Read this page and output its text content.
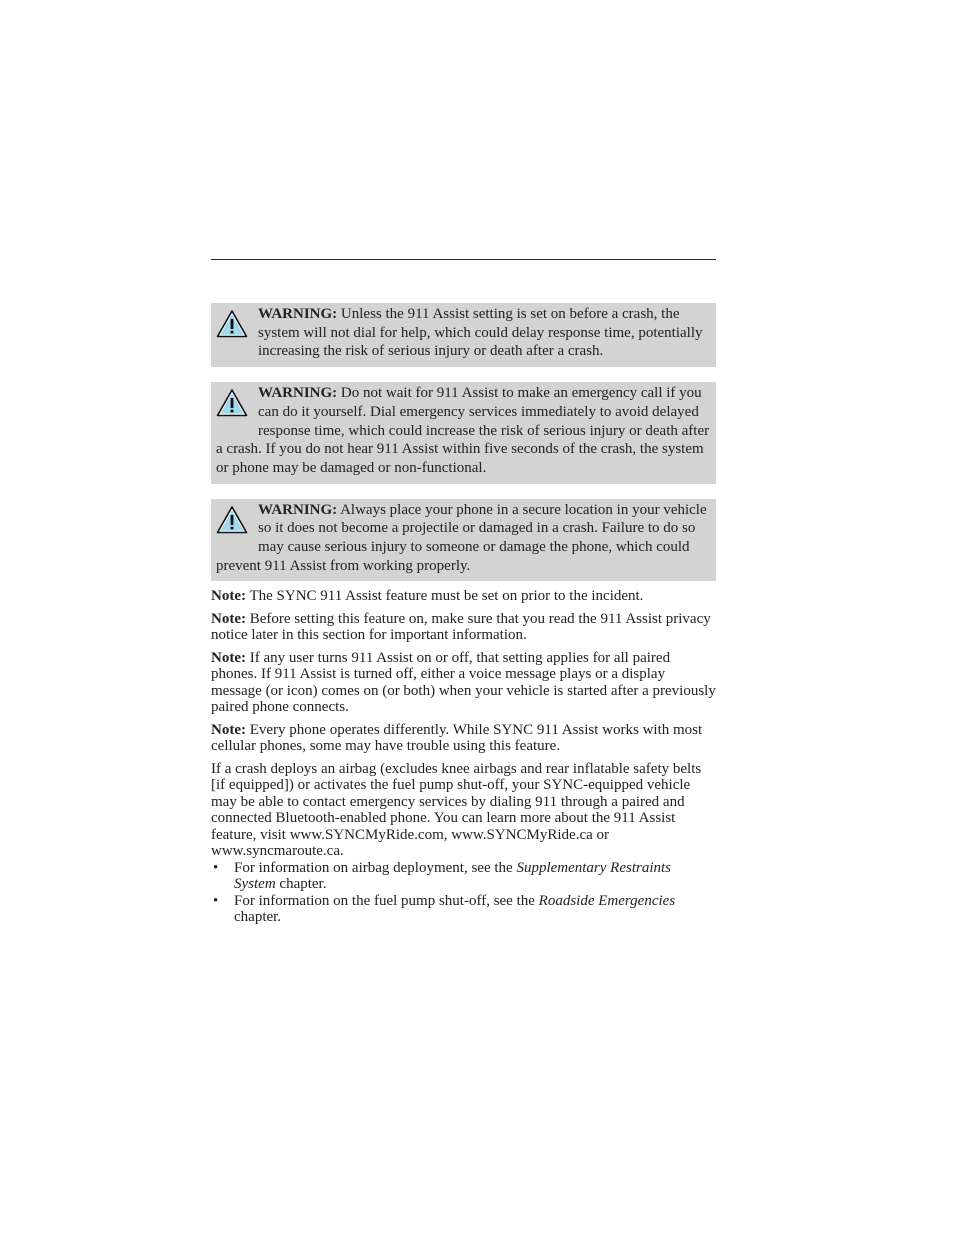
WARNING: Unless the 911 Assist setting is set on before a crash, the system will not dial for help, which could delay response time, potentially increasing the risk of serious injury or death after a crash.
WARNING: Do not wait for 911 Assist to make an emergency call if you can do it yourself. Dial emergency services immediately to avoid delayed response time, which could increase the risk of serious injury or death after a crash. If you do not hear 911 Assist within five seconds of the crash, the system or phone may be damaged or non-functional.
WARNING: Always place your phone in a secure location in your vehicle so it does not become a projectile or damaged in a crash. Failure to do so may cause serious injury to someone or damage the phone, which could prevent 911 Assist from working properly.

Note: The SYNC 911 Assist feature must be set on prior to the incident.

Note: Before setting this feature on, make sure that you read the 911 Assist privacy notice later in this section for important information.

Note: If any user turns 911 Assist on or off, that setting applies for all paired phones. If 911 Assist is turned off, either a voice message plays or a display message (or icon) comes on (or both) when your vehicle is started after a previously paired phone connects.

Note: Every phone operates differently. While SYNC 911 Assist works with most cellular phones, some may have trouble using this feature.

If a crash deploys an airbag (excludes knee airbags and rear inflatable safety belts [if equipped]) or activates the fuel pump shut-off, your SYNC-equipped vehicle may be able to contact emergency services by dialing 911 through a paired and connected Bluetooth-enabled phone. You can learn more about the 911 Assist feature, visit www.SYNCMyRide.com, www.SYNCMyRide.ca or www.syncmaroute.ca.

• For information on airbag deployment, see the Supplementary Restraints System chapter.
• For information on the fuel pump shut-off, see the Roadside Emergencies chapter.
